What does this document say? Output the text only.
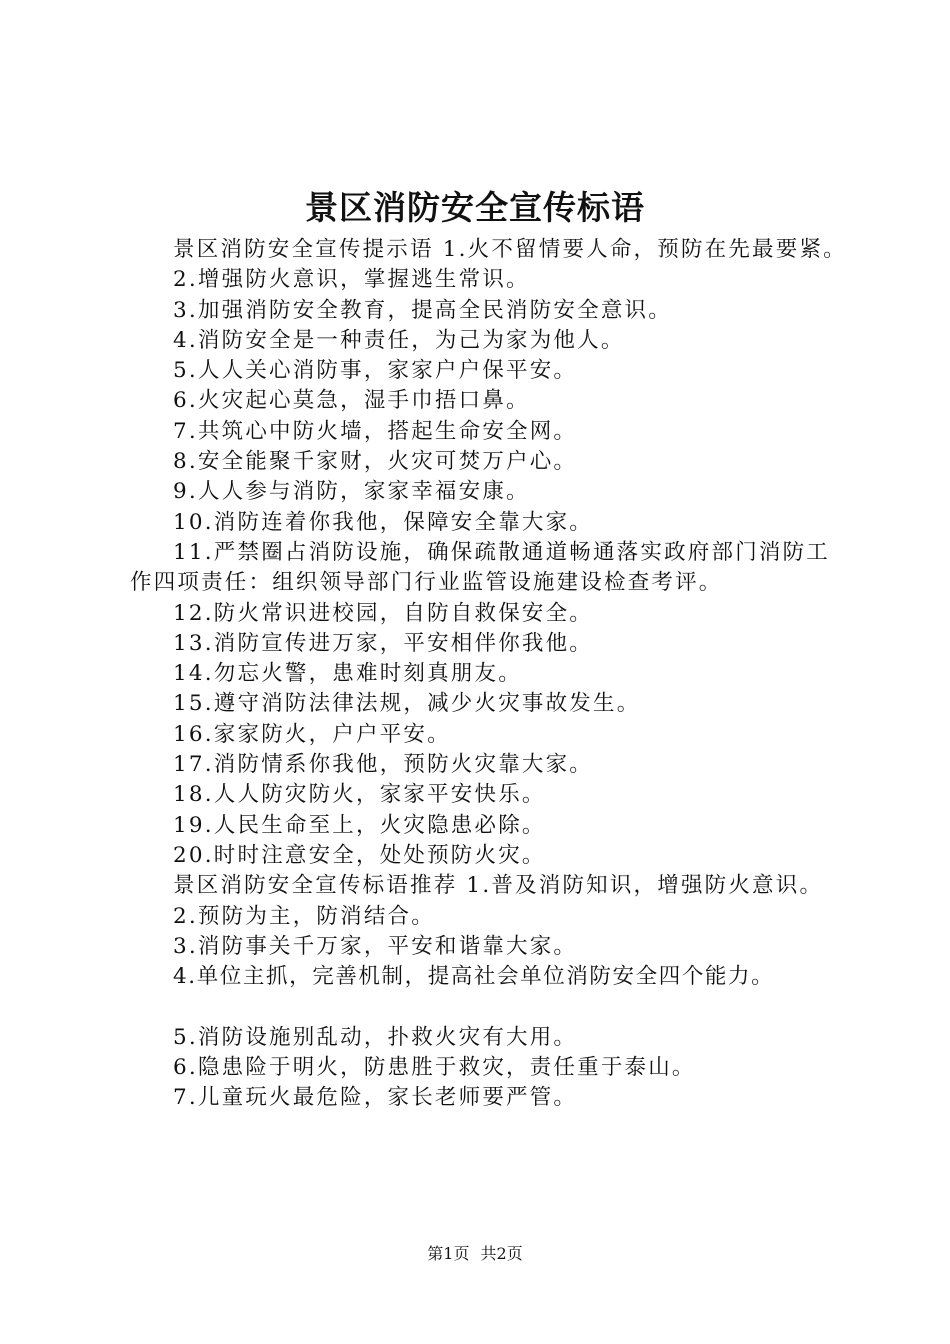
景区消防安全宣传标语

景区消防安全宣传提示语 1.火不留情要人命，预防在先最要紧。

2.增强防火意识，掌握逃生常识。

3.加强消防安全教育，提高全民消防安全意识。

4.消防安全是一种责任，为己为家为他人。

5.人人关心消防事，家家户户保平安。

6.火灾起心莫急，湿手巾捂口鼻。

7.共筑心中防火墙，搭起生命安全网。

8.安全能聚千家财，火灾可焚万户心。

9.人人参与消防，家家幸福安康。

10.消防连着你我他，保障安全靠大家。

11.严禁圈占消防设施，确保疏散通道畅通落实政府部门消防工作四项责任：组织领导部门行业监管设施建设检查考评。

12.防火常识进校园，自防自救保安全。

13.消防宣传进万家，平安相伴你我他。

14.勿忘火警，患难时刻真朋友。

15.遵守消防法律法规，减少火灾事故发生。

16.家家防火，户户平安。

17.消防情系你我他，预防火灾靠大家。

18.人人防灾防火，家家平安快乐。

19.人民生命至上，火灾隐患必除。

20.时时注意安全，处处预防火灾。

景区消防安全宣传标语推荐 1.普及消防知识，增强防火意识。

2.预防为主，防消结合。

3.消防事关千万家，平安和谐靠大家。

4.单位主抓，完善机制，提高社会单位消防安全四个能力。

5.消防设施别乱动，扑救火灾有大用。

6.隐患险于明火，防患胜于救灾，责任重于泰山。

7.儿童玩火最危险，家长老师要严管。

第1页 共2页
